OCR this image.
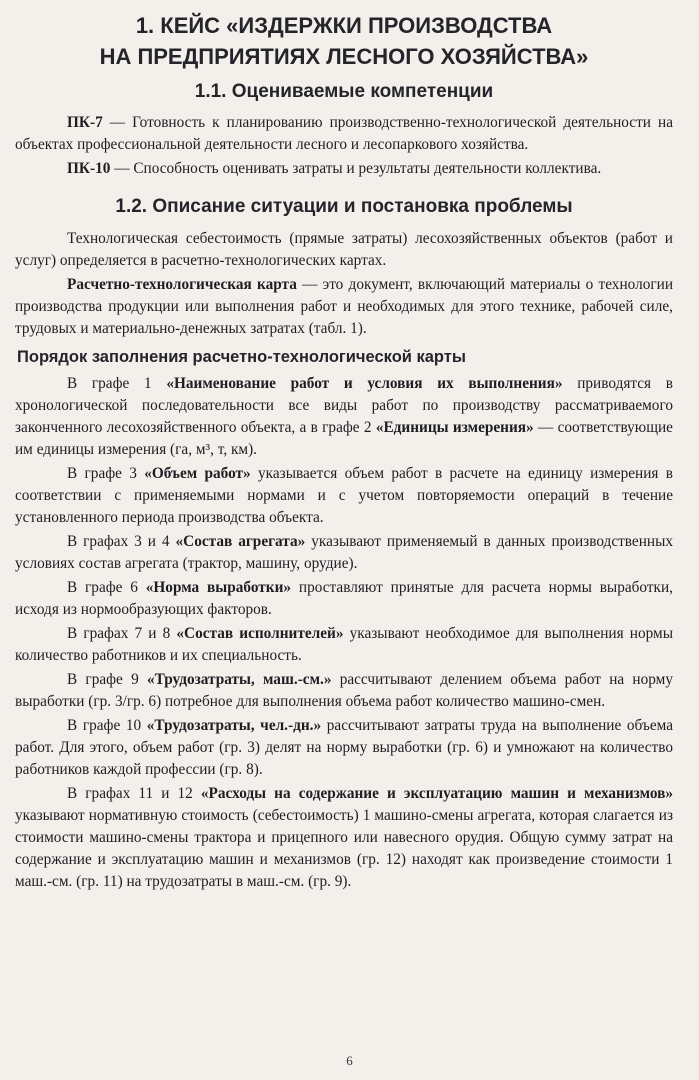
1. КЕЙС «ИЗДЕРЖКИ ПРОИЗВОДСТВА
НА ПРЕДПРИЯТИЯХ ЛЕСНОГО ХОЗЯЙСТВА»
1.1. Оцениваемые компетенции

ПК-7 — Готовность к планированию производственно-технологической деятельности на объектах профессиональной деятельности лесного и лесопаркового хозяйства.

ПК-10 — Способность оценивать затраты и результаты деятельности коллектива.

1.2. Описание ситуации и постановка проблемы

Технологическая себестоимость (прямые затраты) лесохозяйственных объектов (работ и услуг) определяется в расчетно-технологических картах.

Расчетно-технологическая карта — это документ, включающий материалы о технологии производства продукции или выполнения работ и необходимых для этого технике, рабочей силе, трудовых и материально-денежных затратах (табл. 1).

Порядок заполнения расчетно-технологической карты

В графе 1 «Наименование работ и условия их выполнения» приводятся в хронологической последовательности все виды работ по производству рассматриваемого законченного лесохозяйственного объекта, а в графе 2 «Единицы измерения» — соответствующие им единицы измерения (га, м³, т, км).

В графе 3 «Объем работ» указывается объем работ в расчете на единицу измерения в соответствии с применяемыми нормами и с учетом повторяемости операций в течение установленного периода производства объекта.

В графах 3 и 4 «Состав агрегата» указывают применяемый в данных производственных условиях состав агрегата (трактор, машину, орудие).

В графе 6 «Норма выработки» проставляют принятые для расчета нормы выработки, исходя из нормообразующих факторов.

В графах 7 и 8 «Состав исполнителей» указывают необходимое для выполнения нормы количество работников и их специальность.

В графе 9 «Трудозатраты, маш.-см.» рассчитывают делением объема работ на норму выработки (гр. 3/гр. 6) потребное для выполнения объема работ количество машино-смен.

В графе 10 «Трудозатраты, чел.-дн.» рассчитывают затраты труда на выполнение объема работ. Для этого, объем работ (гр. 3) делят на норму выработки (гр. 6) и умножают на количество работников каждой профессии (гр. 8).

В графах 11 и 12 «Расходы на содержание и эксплуатацию машин и механизмов» указывают нормативную стоимость (себестоимость) 1 машино-смены агрегата, которая слагается из стоимости машино-смены трактора и прицепного или навесного орудия. Общую сумму затрат на содержание и эксплуатацию машин и механизмов (гр. 12) находят как произведение стоимости 1 маш.-см. (гр. 11) на трудозатраты в маш.-см. (гр. 9).

6
